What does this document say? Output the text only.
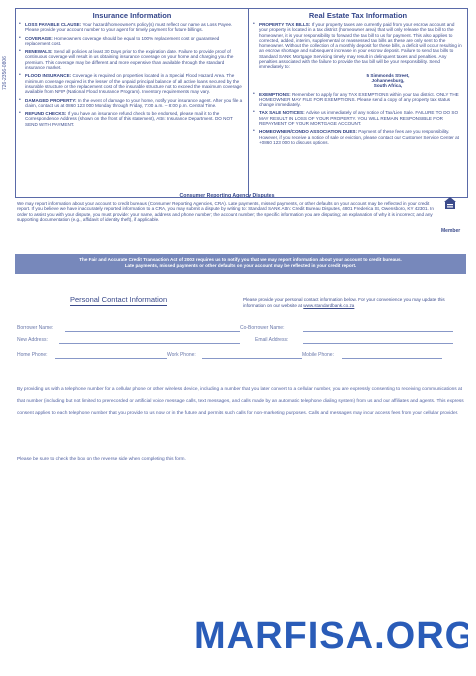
726-2356-0806
Insurance Information
• LOSS PAYABLE CLAUSE: Your hazard/homeowner's policy(s) must reflect our name as Loss Payee. Please provide your account number to your agent for timely payment for future billings.
• COVERAGE: Homeowners coverage should be equal to 100% replacement cost or guaranteed replacement cost.
• RENEWALS: Send all policies at least 30 Days prior to the expiration date. Failure to provide proof of continuous coverage will result in us obtaining insurance coverage on your home and charging you the premium. This coverage may be different and more expensive than available through the standard insurance market.
• FLOOD INSURANCE: Coverage is required on properties located in a Special Flood Hazard Area. The minimum coverage required is the lesser of the unpaid principal balance of all active loans secured by the insurable structure or the replacement cost of the insurable structure not to exceed the maximum coverage available from NFIP (National Flood Insurance Program). Inventory requirements may vary.
• DAMAGED PROPERTY: In the event of damage to your home, notify your insurance agent. After you file a claim, contact us at 0860 123 000 Monday through Friday, 7:00 a.m. – 8:00 p.m. Central Time.
• REFUND CHECKS: If you have an insurance refund check to be endorsed, please mail it to the Correspondence Address (shown on the front of this statement), Attn: Insurance Department. DO NOT SEND WITH PAYMENT.
Real Estate Tax Information
• PROPERTY TAX BILLS: If your property taxes are currently paid from your escrow account and your property is located in a tax district (homeowner area) that will only release the tax bill to the homeowner, it is your responsibility to forward the tax bill to us for payment. This also applies to corrected, added, interim, supplemental or reassessed tax bills as these are only sent to the homeowner. Without the collection of a monthly deposit for these bills, a deficit will occur resulting in an escrow shortage and subsequent increase in your escrow deposit. Failure to send tax bills to Standard SANK Mortgage Servicing timely may result in delinquent taxes and penalties. Any penalties associated with the failure to provide the tax bill will be your responsibility. Send immediately to:
5 Simmonds Street,
Johannesburg,
South Africa,
• EXEMPTIONS: Remember to apply for any TAX EXEMPTIONS within your tax district. ONLY THE HOMEOWNER MAY FILE FOR EXEMPTIONS. Please send a copy of any property tax status change immediately.
• TAX SALE NOTICES: Advise us immediately of any notice of Tax/Lien Sale. FAILURE TO DO SO MAY RESULT IN LOSS OF YOUR PROPERTY. YOU WILL REMAIN RESPONSIBLE FOR REPAYMENT OF YOUR MORTGAGE ACCOUNT.
• HOMEOWNER/CONDO ASSOCIATION DUES: Payment of these fees are you responsibility. However, if you receive a notice of sale or eviction, please contact our Customer Service Center at +0860 123 000 to discuss options.
Consumer Reporting Agency Disputes
We may report information about your account to credit bureaus (Consumer Reporting Agencies, CRA). Late payments, missed payments, or other defaults on your account may be reflected in your credit report. If you believe we have inaccurately reported information to a CRA, you may submit a dispute by writing to: Standard SANK Attn: Credit Bureau Disputes, 4801 Frederica St, Owensboro, KY 42301. In order to assist you with your dispute, you must provide: your name, address and phone number; the account number; the specific information you are disputing; an explanation of why it is incorrect; and any supporting documentation (e.g., affidavit of identity theft), if applicable.
Member
The Fair and Accurate Credit Transaction Act of 2003 requires us to notify you that we may report information about your account to credit bureaus.
Late payments, missed payments or other defaults on your account may be reflected in your credit report.
Personal Contact Information	Please provide your personal contact information below. For your convenience you may update this information on our website at www.standardbank.co.za
Borrower Name:	Co-Borrower Name:
New Address:	Email Address:
Home Phone:	Work Phone:	Mobile Phone:
By providing us with a telephone number for a cellular phone or other wireless device, including a number that you later convert to a cellular number, you are expressly consenting to receiving communications at that number (including but not limited to prerecorded or artificial voice message calls, text messages, and calls made by an automatic telephone dialing system) from us and our affiliates and agents. This express consent applies to each telephone number that you provide to us now or in the future and permits such calls for non-marketing purposes. Calls and messages may incur access fees from your cellular provider.
Please be sure to check the box on the reverse side when completing this form.
MARFISA.ORG
